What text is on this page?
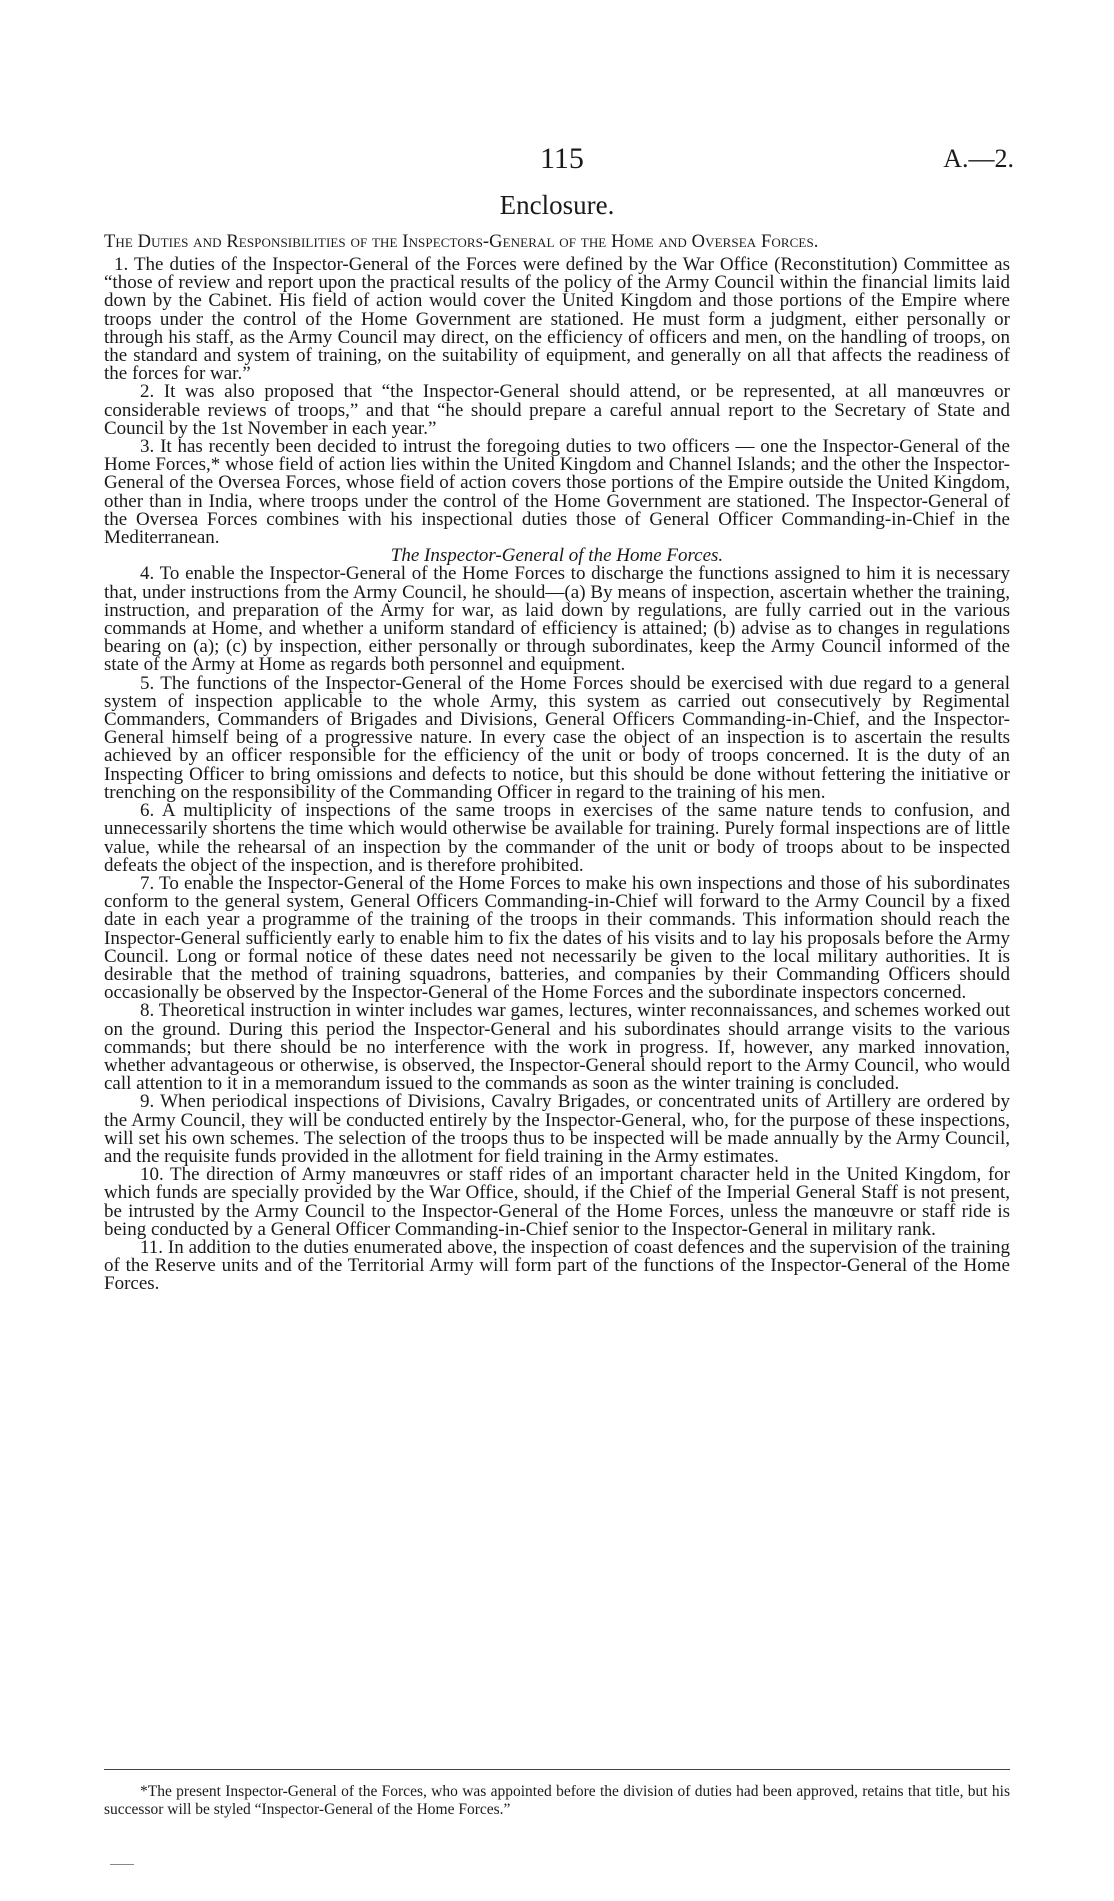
115	A.—2.
Enclosure.
The Duties and Responsibilities of the Inspectors-General of the Home and Oversea Forces.

1. The duties of the Inspector-General of the Forces were defined by the War Office (Reconstitution) Committee as “those of review and report upon the practical results of the policy of the Army Council within the financial limits laid down by the Cabinet. His field of action would cover the United Kingdom and those portions of the Empire where troops under the control of the Home Government are stationed. He must form a judgment, either personally or through his staff, as the Army Council may direct, on the efficiency of officers and men, on the handling of troops, on the standard and system of training, on the suitability of equipment, and generally on all that affects the readiness of the forces for war.”

2. It was also proposed that “the Inspector-General should attend, or be represented, at all manœuvres or considerable reviews of troops,” and that “he should prepare a careful annual report to the Secretary of State and Council by the 1st November in each year.”

3. It has recently been decided to intrust the foregoing duties to two officers — one the Inspector-General of the Home Forces,* whose field of action lies within the United Kingdom and Channel Islands; and the other the Inspector-General of the Oversea Forces, whose field of action covers those portions of the Empire outside the United Kingdom, other than in India, where troops under the control of the Home Government are stationed. The Inspector-General of the Oversea Forces combines with his inspectional duties those of General Officer Commanding-in-Chief in the Mediterranean.

The Inspector-General of the Home Forces.

4. To enable the Inspector-General of the Home Forces to discharge the functions assigned to him it is necessary that, under instructions from the Army Council, he should—(a) By means of inspection, ascertain whether the training, instruction, and preparation of the Army for war, as laid down by regulations, are fully carried out in the various commands at Home, and whether a uniform standard of efficiency is attained; (b) advise as to changes in regulations bearing on (a); (c) by inspection, either personally or through subordinates, keep the Army Council informed of the state of the Army at Home as regards both personnel and equipment.

5. The functions of the Inspector-General of the Home Forces should be exercised with due regard to a general system of inspection applicable to the whole Army, this system as carried out consecutively by Regimental Commanders, Commanders of Brigades and Divisions, General Officers Commanding-in-Chief, and the Inspector-General himself being of a progressive nature. In every case the object of an inspection is to ascertain the results achieved by an officer responsible for the efficiency of the unit or body of troops concerned. It is the duty of an Inspecting Officer to bring omissions and defects to notice, but this should be done without fettering the initiative or trenching on the responsibility of the Commanding Officer in regard to the training of his men.

6. A multiplicity of inspections of the same troops in exercises of the same nature tends to confusion, and unnecessarily shortens the time which would otherwise be available for training. Purely formal inspections are of little value, while the rehearsal of an inspection by the commander of the unit or body of troops about to be inspected defeats the object of the inspection, and is therefore prohibited.

7. To enable the Inspector-General of the Home Forces to make his own inspections and those of his subordinates conform to the general system, General Officers Commanding-in-Chief will forward to the Army Council by a fixed date in each year a programme of the training of the troops in their commands. This information should reach the Inspector-General sufficiently early to enable him to fix the dates of his visits and to lay his proposals before the Army Council. Long or formal notice of these dates need not necessarily be given to the local military authorities. It is desirable that the method of training squadrons, batteries, and companies by their Commanding Officers should occasionally be observed by the Inspector-General of the Home Forces and the subordinate inspectors concerned.

8. Theoretical instruction in winter includes war games, lectures, winter reconnaissances, and schemes worked out on the ground. During this period the Inspector-General and his subordinates should arrange visits to the various commands; but there should be no interference with the work in progress. If, however, any marked innovation, whether advantageous or otherwise, is observed, the Inspector-General should report to the Army Council, who would call attention to it in a memorandum issued to the commands as soon as the winter training is concluded.

9. When periodical inspections of Divisions, Cavalry Brigades, or concentrated units of Artillery are ordered by the Army Council, they will be conducted entirely by the Inspector-General, who, for the purpose of these inspections, will set his own schemes. The selection of the troops thus to be inspected will be made annually by the Army Council, and the requisite funds provided in the allotment for field training in the Army estimates.

10. The direction of Army manœuvres or staff rides of an important character held in the United Kingdom, for which funds are specially provided by the War Office, should, if the Chief of the Imperial General Staff is not present, be intrusted by the Army Council to the Inspector-General of the Home Forces, unless the manœuvre or staff ride is being conducted by a General Officer Commanding-in-Chief senior to the Inspector-General in military rank.

11. In addition to the duties enumerated above, the inspection of coast defences and the supervision of the training of the Reserve units and of the Territorial Army will form part of the functions of the Inspector-General of the Home Forces.

*The present Inspector-General of the Forces, who was appointed before the division of duties had been approved, retains that title, but his successor will be styled “Inspector-General of the Home Forces.”
